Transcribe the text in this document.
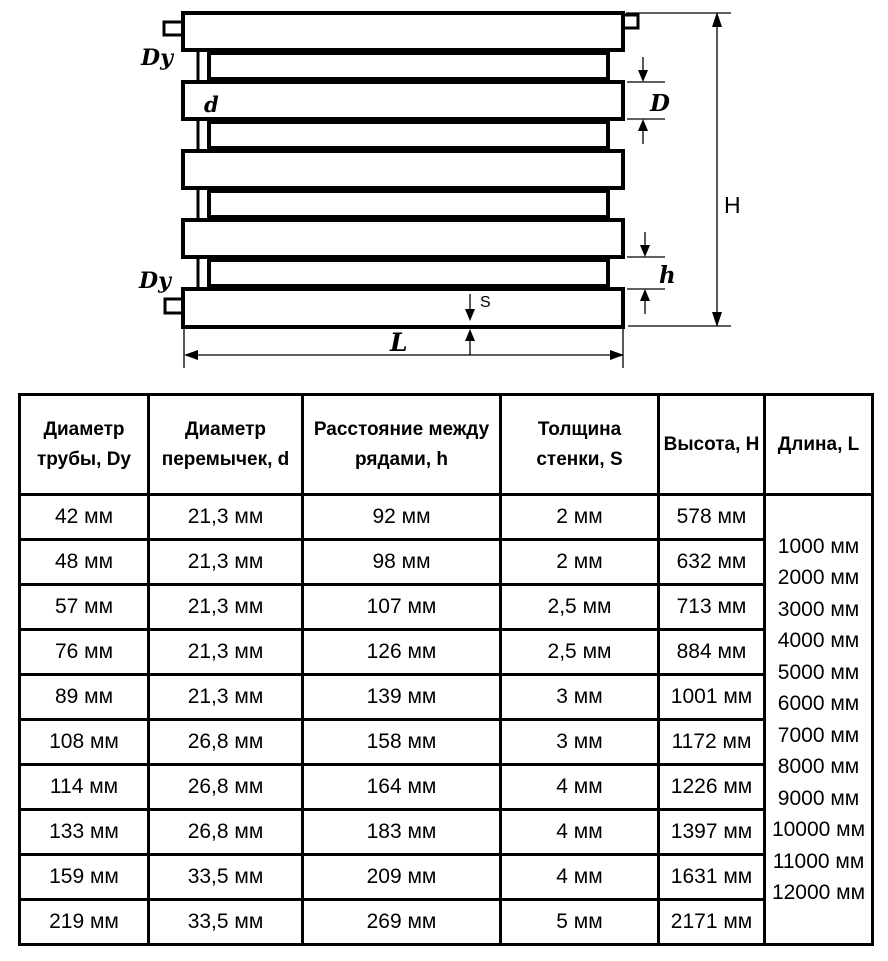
H
D
h
S
L
Dy
Dy
d
Диаметр трубы, Dy	Диаметр перемычек, d	Расстояние между рядами, h	Толщина стенки, S	Высота, H	Длина, L
42 мм	21,3 мм	92 мм	2 мм	578 мм	
1000 мм
2000 мм
3000 мм
4000 мм
5000 мм
6000 мм
7000 мм
8000 мм
9000 мм
10000 мм
11000 мм
12000 мм

48 мм	21,3 мм	98 мм	2 мм	632 мм	
57 мм	21,3 мм	107 мм	2,5 мм	713 мм	
76 мм	21,3 мм	126 мм	2,5 мм	884 мм	
89 мм	21,3 мм	139 мм	3 мм	1001 мм	
108 мм	26,8 мм	158 мм	3 мм	1172 мм	
114 мм	26,8 мм	164 мм	4 мм	1226 мм	
133 мм	26,8 мм	183 мм	4 мм	1397 мм	
159 мм	33,5 мм	209 мм	4 мм	1631 мм	
219 мм	33,5 мм	269 мм	5 мм	2171 мм	
